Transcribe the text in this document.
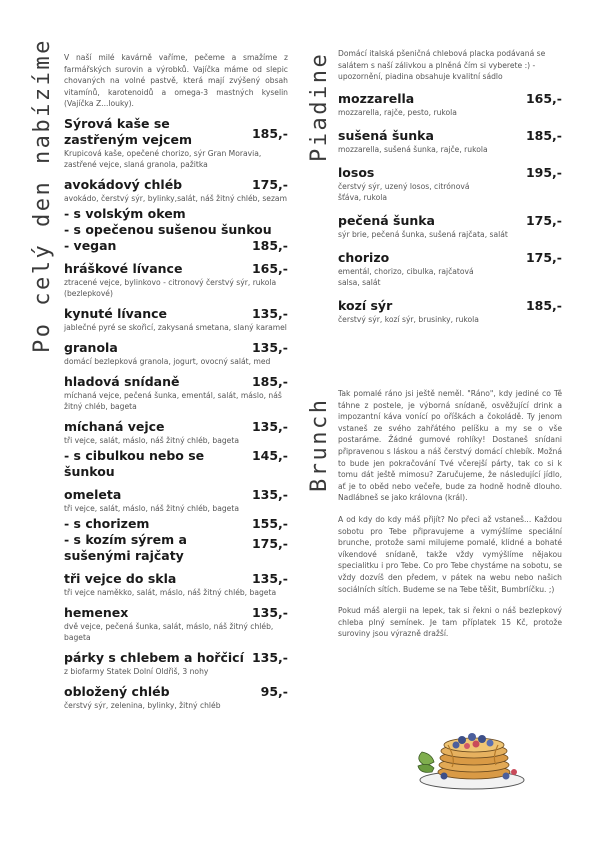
Po celý den nabízíme	Piadine
Brunch

V naší milé kavárně vaříme, pečeme a smažíme z farmářských surovin a výrobků. Vajíčka máme od slepic chovaných na volné pastvě, která mají zvýšený obsah vitamínů, karotenoidů a omega-3 mastných kyselin (Vajíčka Z...louky).

Sýrová kaše se zastřeným vejcem	185,-
Krupicová kaše, opečené chorizo, sýr Gran Moravia, zastřené vejce, slaná granola, pažitka
avokádový chléb	175,-
avokádo, čerstvý sýr, bylinky,salát, náš žitný chléb, sezam
- s volským okem
- s opečenou sušenou šunkou
- vegan	185,-
hráškové lívance	165,-
ztracené vejce, bylinkovo - citronový čerstvý sýr, rukola (bezlepkové)
kynuté lívance	135,-
jablečné pyré se skořicí, zakysaná smetana, slaný karamel
granola	135,-
domácí bezlepková granola, jogurt, ovocný salát, med
hladová snídaně	185,-
míchaná vejce, pečená šunka, ementál, salát, máslo, náš žitný chléb, bageta
míchaná vejce	135,-
tři vejce, salát, máslo, náš žitný chléb, bageta
- s cibulkou nebo se šunkou
145,-
omeleta	135,-
tři vejce, salát, máslo, náš žitný chléb, bageta
- s chorizem	155,-
- s kozím sýrem a sušenými rajčaty
175,-
tři vejce do skla	135,-
tři vejce naměkko, salát, máslo, náš žitný chléb, bageta
hemenex	135,-
dvě vejce, pečená šunka, salát, máslo, náš žitný chléb, bageta
párky s chlebem a hořčicí 135,-
z biofarmy Statek Dolní Oldřiš, 3 nohy
obložený chléb	95,-
čerstvý sýr, zelenina, bylinky, žitný chléb

Domácí italská pšeničná chlebová placka podávaná se salátem s naší zálivkou a plněná čím si vyberete :) -upozornění, piadina obsahuje kvalitní sádlo

mozzarella	165,-
mozzarella, rajče, pesto, rukola
sušená šunka	185,-
mozzarella, sušená šunka, rajče, rukola
losos	195,-
čerstvý sýr, uzený losos, citrónová šťáva, rukola
pečená šunka	175,-
sýr brie, pečená šunka, sušená rajčata, salát
chorizo	175,-
ementál, chorizo, cibulka, rajčatová salsa, salát
kozí sýr	185,-
čerstvý sýr, kozí sýr, brusinky, rukola

Tak pomalé ráno jsi ještě neměl. "Ráno", kdy jediné co Tě táhne z postele, je výborná snídaně, osvěžující drink a impozantní káva vonící po oříškách a čokoládě. Ty jenom vstaneš ze svého zahřátého pelíšku a my se o vše postaráme. Žádné gumové rohlíky! Dostaneš snídani připravenou s láskou a náš čerstvý domácí chlebík. Možná to bude jen pokračování Tvé včerejší párty, tak co si k tomu dát ještě mimosu? Zaručujeme, že následující jídlo, ať je to oběd nebo večeře, bude za hodně hodně dlouho. Nadlábneš se jako královna (král).

A od kdy do kdy máš přijít? No přeci až vstaneš... Každou sobotu pro Tebe připravujeme a vymýšlíme speciální brunche, protože sami milujeme pomalé, klidné a bohaté víkendové snídaně, takže vždy vymýšlíme nějakou specialitku i pro Tebe. Co pro Tebe chystáme na sobotu, se vždy dozvíš den předem, v pátek na webu nebo našich sociálních sítích. Budeme se na Tebe těšit, Bumbrlíčku. ;)

Pokud máš alergii na lepek, tak si řekni o náš bezlepkový chleba plný semínek. Je tam příplatek 15 Kč, protože suroviny jsou výrazně dražší.
